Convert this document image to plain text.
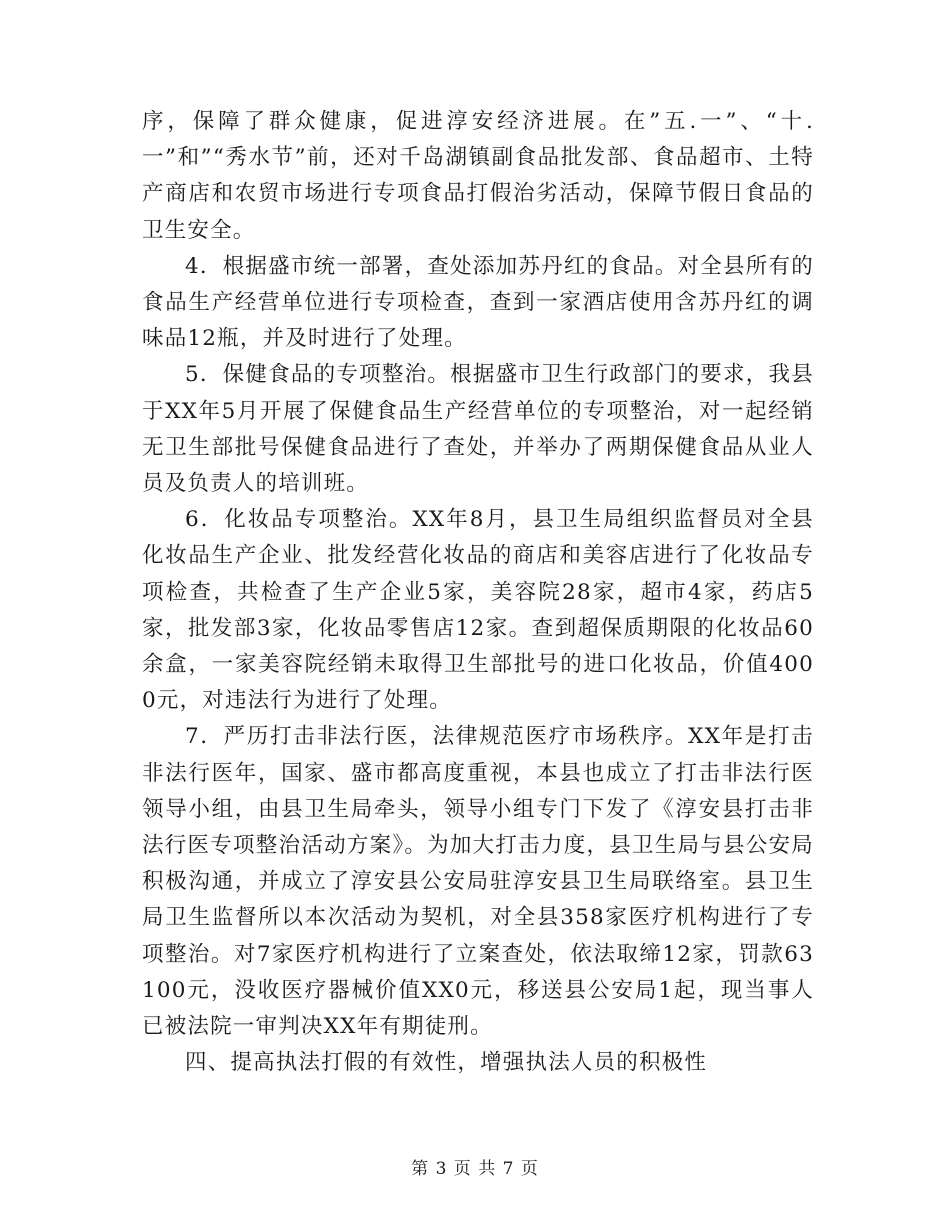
序，保障了群众健康，促进淳安经济进展。在”五.一”、“十.一”和”“秀水节”前，还对千岛湖镇副食品批发部、食品超市、土特产商店和农贸市场进行专项食品打假治劣活动，保障节假日食品的卫生安全。

4．根据盛市统一部署，查处添加苏丹红的食品。对全县所有的食品生产经营单位进行专项检查，查到一家酒店使用含苏丹红的调味品12瓶，并及时进行了处理。

5．保健食品的专项整治。根据盛市卫生行政部门的要求，我县于XX年5月开展了保健食品生产经营单位的专项整治，对一起经销无卫生部批号保健食品进行了查处，并举办了两期保健食品从业人员及负责人的培训班。

6．化妆品专项整治。XX年8月，县卫生局组织监督员对全县化妆品生产企业、批发经营化妆品的商店和美容店进行了化妆品专项检查，共检查了生产企业5家，美容院28家，超市4家，药店5家，批发部3家，化妆品零售店12家。查到超保质期限的化妆品60余盒，一家美容院经销未取得卫生部批号的进口化妆品，价值4000元，对违法行为进行了处理。

7．严历打击非法行医，法律规范医疗市场秩序。XX年是打击非法行医年，国家、盛市都高度重视，本县也成立了打击非法行医领导小组，由县卫生局牵头，领导小组专门下发了《淳安县打击非法行医专项整治活动方案》。为加大打击力度，县卫生局与县公安局积极沟通，并成立了淳安县公安局驻淳安县卫生局联络室。县卫生局卫生监督所以本次活动为契机，对全县358家医疗机构进行了专项整治。对7家医疗机构进行了立案查处，依法取缔12家，罚款63100元，没收医疗器械价值XX0元，移送县公安局1起，现当事人已被法院一审判决XX年有期徒刑。

四、提高执法打假的有效性，增强执法人员的积极性

第 3 页 共 7 页
